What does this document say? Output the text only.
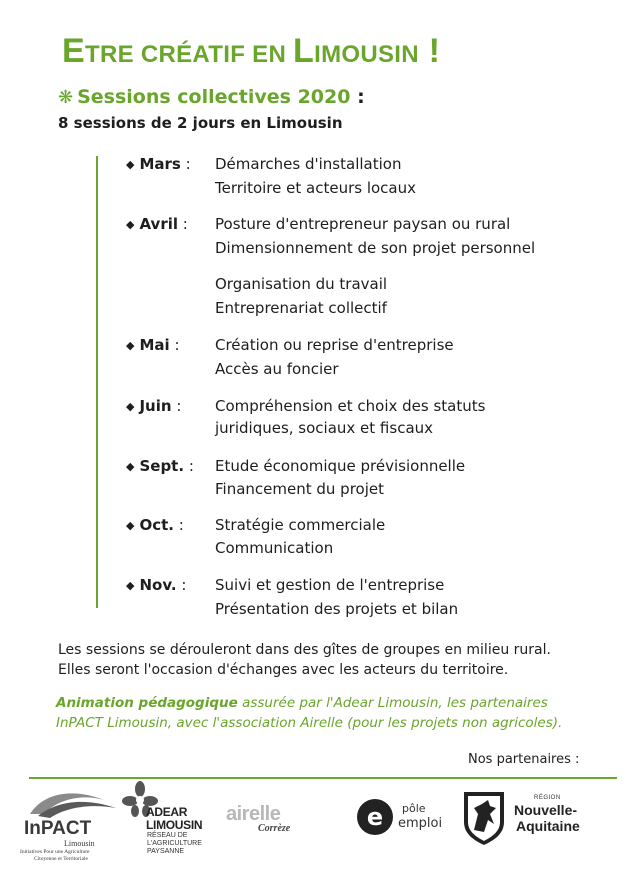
ETRE CRÉATIF EN LIMOUSIN !
❋ Sessions collectives 2020 :
8 sessions de 2 jours en Limousin
◆ Mars : Démarches d'installation
Territoire et acteurs locaux
◆ Avril : Posture d'entrepreneur paysan ou rural
Dimensionnement de son projet personnel
Organisation du travail
Entreprenariat collectif
◆ Mai : Création ou reprise d'entreprise
Accès au foncier
◆ Juin : Compréhension et choix des statuts
juridiques, sociaux et fiscaux
◆ Sept. : Etude économique prévisionnelle
Financement du projet
◆ Oct. : Stratégie commerciale
Communication
◆ Nov. : Suivi et gestion de l'entreprise
Présentation des projets et bilan
Les sessions se dérouleront dans des gîtes de groupes en milieu rural.
Elles seront l'occasion d'échanges avec les acteurs du territoire.
Animation pédagogique assurée par l'Adear Limousin, les partenaires
InPACT Limousin, avec l'association Airelle (pour les projets non agricoles).
Nos partenaires :
InPACT
Limousin
Initiatives Pour une Agriculture
Citoyenne et Territoriale
ADEAR
LIMOUSIN
RÉSEAU DE
L'AGRICULTURE
PAYSANNE
airelle
Corrèze	e pôle
emploi
RÉGION
Nouvelle-
Aquitaine
